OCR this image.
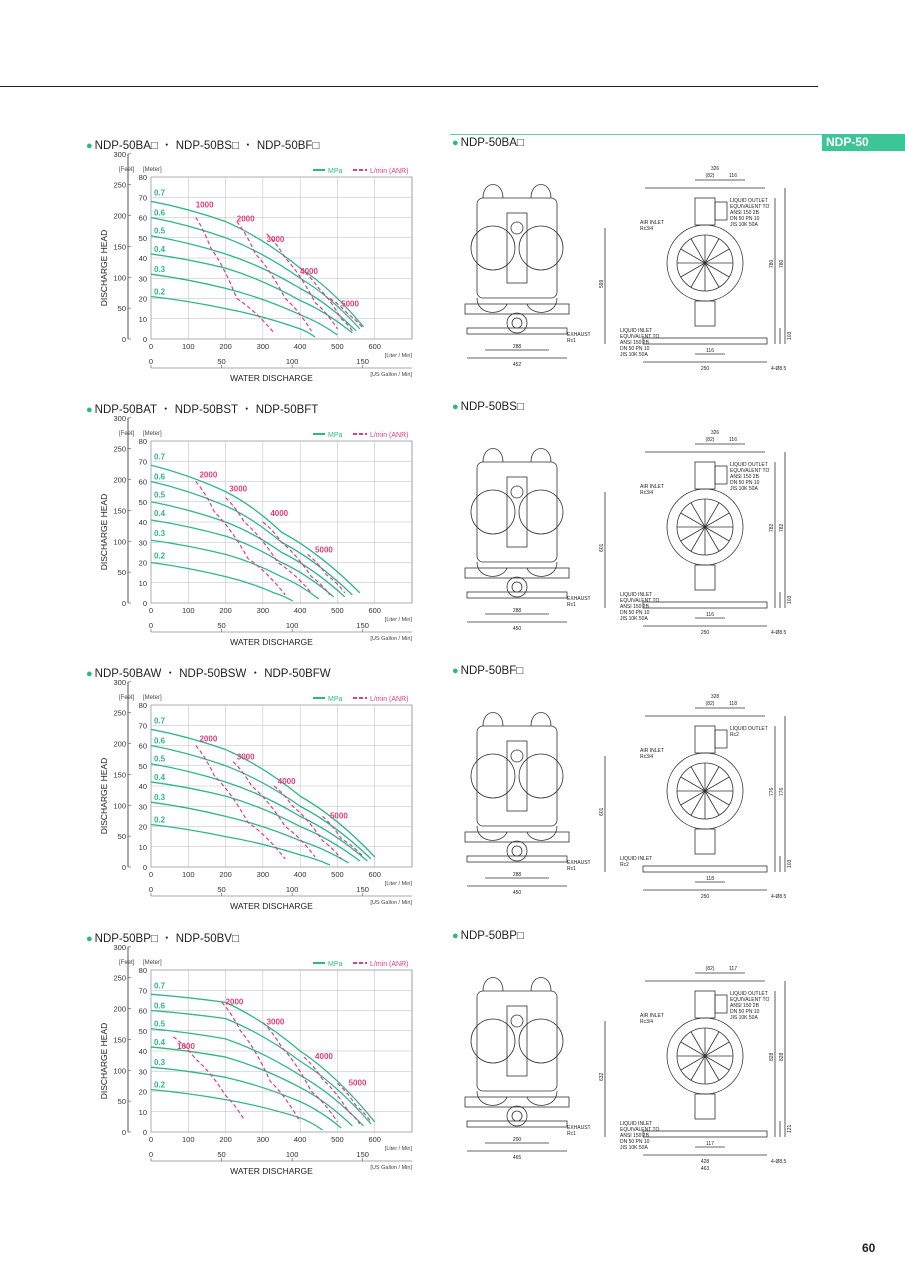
NDP-50
● NDP-50BA□ ・ NDP-50BS□ ・ NDP-50BF□	● NDP-50BA□
0
10
20
30
40
50
60
70
80
0	100	200	300	400	500	600
0
50
100
150
200
250
300
[Feet] [Meter]
0	50	100	150
[Liter / Min]
[US Gallon / Min]
WATER DISCHARGE
DISCHARGE HEAD
MPa	L/min (ANR)
0.7
0.6
0.5
0.4
0.3
0.2
1000
2000
3000
4000
5000
326
(82)	116
599
780 780
103
288
452
116
250	4-Ø8.5
LIQUID OUTLET
EQUIVALENT TO
ANSI 150 2B
DN 50 PN 10
JIS 10K 50A
AIR INLET
Rc3/4
EXHAUST
Rc1
LIQUID INLET
EQUIVALENT TO
ANSI 150 2B
DN 50 PN 10
JIS 10K 50A
● NDP-50BAT ・ NDP-50BST ・ NDP-50BFT	● NDP-50BS□
0
10
20
30
40
50
60
70
80
0	100	200	300	400	500	600
0
50
100
150
200
250
300
[Feet] [Meter]
0	50	100	150
[Liter / Min]
[US Gallon / Min]
WATER DISCHARGE
DISCHARGE HEAD
MPa	L/min (ANR)
0.7
0.6
0.5
0.4
0.3
0.2
2000
3000
4000
5000
326
(82)	116
601
782 782
103
288
450
116
250	4-Ø8.5
LIQUID OUTLET
EQUIVALENT TO
ANSI 150 2B
DN 50 PN 10
JIS 10K 50A
AIR INLET
Rc3/4
EXHAUST
Rc1
LIQUID INLET
EQUIVALENT TO
ANSI 150 2B
DN 50 PN 10
JIS 10K 50A
● NDP-50BAW ・ NDP-50BSW ・ NDP-50BFW	● NDP-50BF□
0
10
20
30
40
50
60
70
80
0	100	200	300	400	500	600
0
50
100
150
200
250
300
[Feet] [Meter]
0	50	100	150
[Liter / Min]
[US Gallon / Min]
WATER DISCHARGE
DISCHARGE HEAD
MPa	L/min (ANR)
0.7
0.6
0.5
0.4
0.3
0.2
2000
3000
4000
5000
328
(82)	118
601
776 776
103
288
450
118
250	4-Ø8.5
LIQUID OUTLET
Rc2
AIR INLET
Rc3/4
EXHAUST
Rc1
LIQUID INLET
Rc2
● NDP-50BP□ ・ NDP-50BV□	● NDP-50BP□
0
10
20
30
40
50
60
70
80
0	100	200	300	400	500	600
0
50
100
150
200
250
300
[Feet] [Meter]
0	50	100	150
[Liter / Min]
[US Gallon / Min]
WATER DISCHARGE
DISCHARGE HEAD
MPa	L/min (ANR)
0.7
0.6
0.5
0.4
0.3
0.2
1000
2000
3000
4000
5000
(82)	117
632
828 828
121
200
465
117
428
463
4-Ø8.5
LIQUID OUTLET
EQUIVALENT TO
ANSI 150 2B
DN 50 PN 10
JIS 10K 50A
AIR INLET
Rc3/4
EXHAUST
Rc1
LIQUID INLET
EQUIVALENT TO
ANSI 150 2B
DN 50 PN 10
JIS 10K 50A
60
